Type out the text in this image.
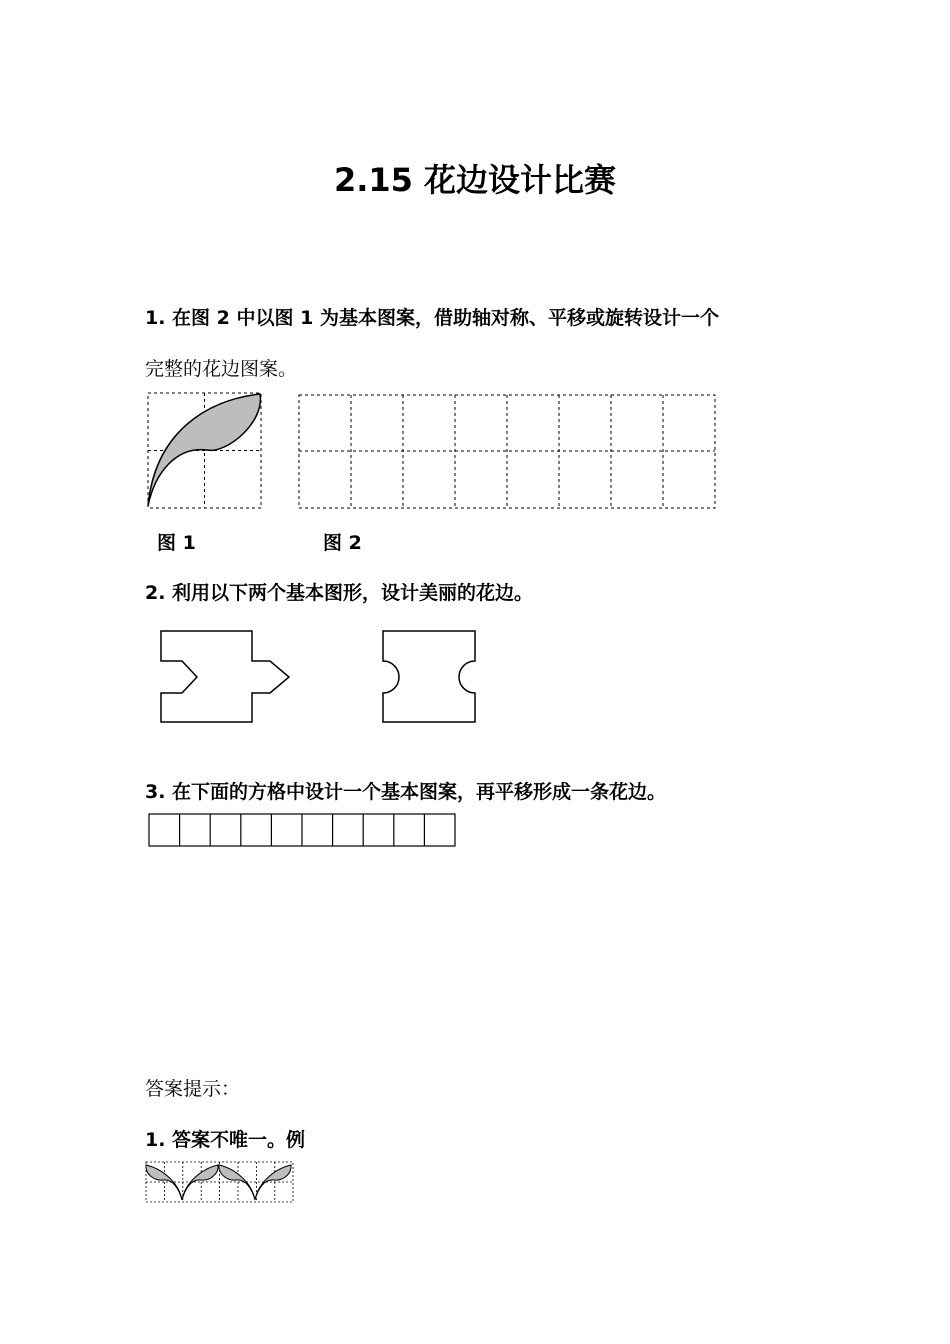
2.15 花边设计比赛
1. 在图 2 中以图 1 为基本图案，借助轴对称、平移或旋转设计一个
完整的花边图案。
图 1	图 2
2. 利用以下两个基本图形，设计美丽的花边。
3. 在下面的方格中设计一个基本图案，再平移形成一条花边。
答案提示：
1. 答案不唯一。例
